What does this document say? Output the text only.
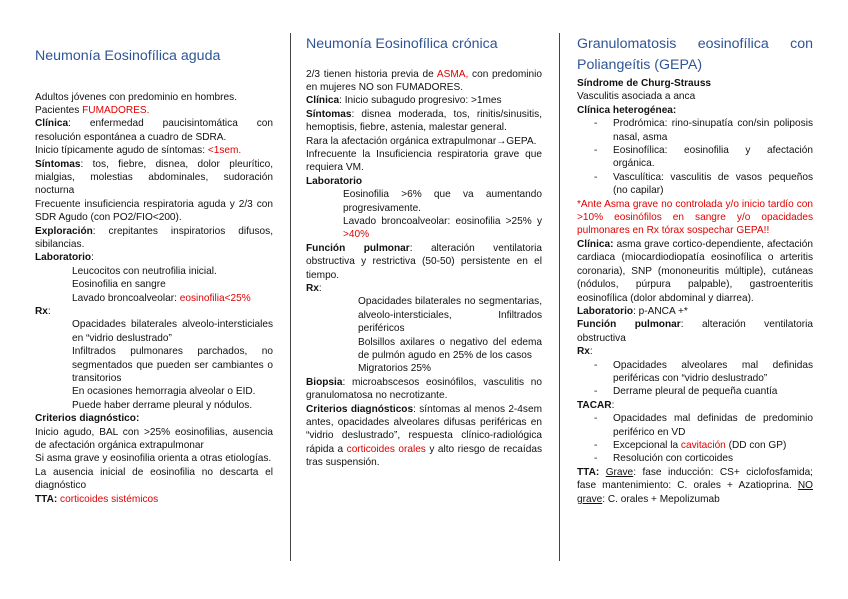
Neumonía Eosinofílica aguda

Adultos jóvenes con predominio en hombres.

Pacientes FUMADORES.

Clínica: enfermedad paucisintomática con resolución espontánea a cuadro de SDRA.

Inicio típicamente agudo de síntomas: <1sem.

Síntomas: tos, fiebre, disnea, dolor pleurítico, mialgias, molestias abdominales, sudoración nocturna

Frecuente insuficiencia respiratoria aguda y 2/3 con SDR Agudo (con PO2/FIO<200).

Exploración: crepitantes inspiratorios difusos, sibilancias.

Laboratorio:

Leucocitos con neutrofilia inicial.

Eosinofilia en sangre

Lavado broncoalveolar: eosinofilia<25%

Rx:

Opacidades bilaterales alveolo-intersticiales en “vidrio deslustrado”

Infiltrados pulmonares parchados, no segmentados que pueden ser cambiantes o transitorios

En ocasiones hemorragia alveolar o EID.

Puede haber derrame pleural y nódulos.

Criterios diagnóstico:

Inicio agudo, BAL con >25% eosinofilias, ausencia de afectación orgánica extrapulmonar

Si asma grave y eosinofilia orienta a otras etiologías.

La ausencia inicial de eosinofilia no descarta el diagnóstico

TTA: corticoides sistémicos

Neumonía Eosinofílica crónica

2/3 tienen historia previa de ASMA, con predominio en mujeres NO son FUMADORES.

Clínica: Inicio subagudo progresivo: >1mes

Síntomas: disnea moderada, tos, rinitis/sinusitis, hemoptisis, fiebre, astenia, malestar general.

Rara la afectación orgánica extrapulmonar→GEPA.

Infrecuente la Insuficiencia respiratoria grave que requiera VM.

Laboratorio

Eosinofilia >6% que va aumentando progresivamente.

Lavado broncoalveolar: eosinofilia >25% y >40%

Función pulmonar: alteración ventilatoria obstructiva y restrictiva (50-50) persistente en el tiempo.

Rx:

Opacidades bilaterales no segmentarias, alveolo-intersticiales, Infiltrados periféricos

Bolsillos axilares o negativo del edema de pulmón agudo en 25% de los casos

Migratorios 25%

Biopsia: microabscesos eosinófilos, vasculitis no granulomatosa no necrotizante.

Criterios diagnósticos: síntomas al menos 2-4sem antes, opacidades alveolares difusas periféricas en “vidrio deslustrado”, respuesta clínico-radiológica rápida a corticoides orales y alto riesgo de recaídas tras suspensión.

Granulomatosis eosinofílica con
Poliangeítis (GEPA)

Síndrome de Churg-Strauss

Vasculitis asociada a anca

Clínica heterogénea:

- Prodrómica: rino-sinupatía con/sin poliposis nasal, asma

- Eosinofílica: eosinofilia y afectación orgánica.

- Vasculítica: vasculitis de vasos pequeños (no capilar)

*Ante Asma grave no controlada y/o inicio tardío con >10% eosinófilos en sangre y/o opacidades pulmonares en Rx tórax sospechar GEPA!!

Clínica: asma grave cortico-dependiente, afectación cardiaca (miocardiodiopatía eosinofílica o arteritis coronaria), SNP (mononeuritis múltiple), cutáneas (nódulos, púrpura palpable), gastroenteritis eosinofílica (dolor abdominal y diarrea).

Laboratorio: p-ANCA +*

Función pulmonar: alteración ventilatoria obstructiva

Rx:

- Opacidades alveolares mal definidas periféricas con “vidrio deslustrado”

- Derrame pleural de pequeña cuantía

TACAR:

- Opacidades mal definidas de predominio periférico en VD

- Excepcional la cavitación (DD con GP)

- Resolución con corticoides

TTA: Grave: fase inducción: CS+ ciclofosfamida; fase mantenimiento: C. orales + Azatioprina. NO grave: C. orales + Mepolizumab
